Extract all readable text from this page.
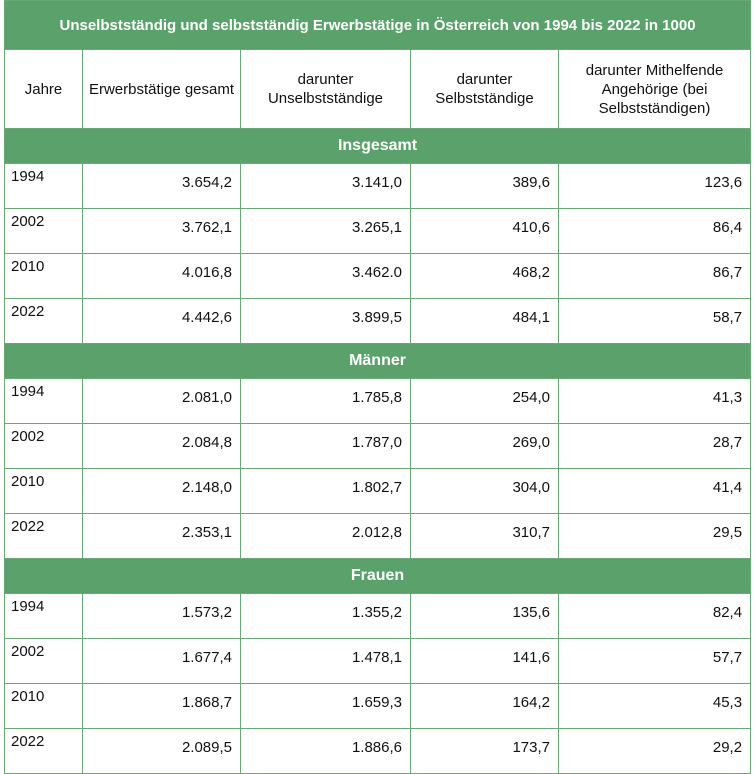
Unselbstständig und selbstständig Erwerbstätige in Österreich von 1994 bis 2022 in 1000				
Jahre	Erwerbstätige gesamt	darunter Unselbstständige	darunter Selbstständige	darunter Mithelfende Angehörige (bei Selbstständigen)
Insgesamt				
1994	3.654,2	3.141,0	389,6	123,6
2002	3.762,1	3.265,1	410,6	86,4
2010	4.016,8	3.462.0	468,2	86,7
2022	4.442,6	3.899,5	484,1	58,7
Männer				
1994	2.081,0	1.785,8	254,0	41,3
2002	2.084,8	1.787,0	269,0	28,7
2010	2.148,0	1.802,7	304,0	41,4
2022	2.353,1	2.012,8	310,7	29,5
Frauen				
1994	1.573,2	1.355,2	135,6	82,4
2002	1.677,4	1.478,1	141,6	57,7
2010	1.868,7	1.659,3	164,2	45,3
2022	2.089,5	1.886,6	173,7	29,2
